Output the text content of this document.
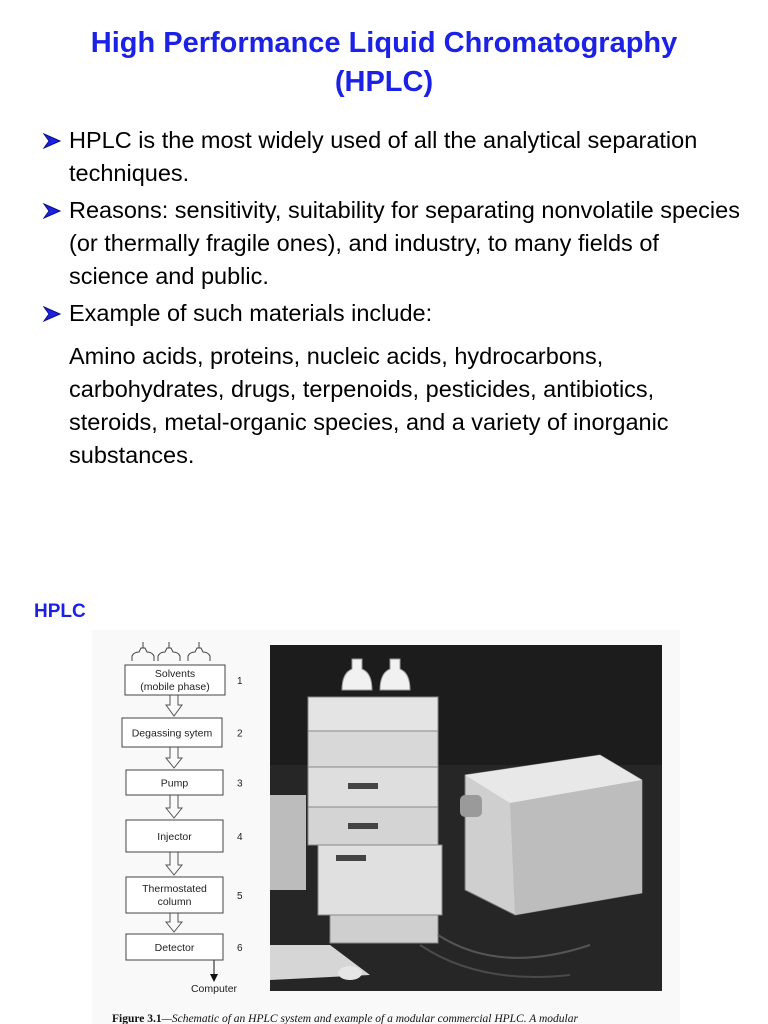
High Performance Liquid Chromatography
(HPLC)
HPLC is the most widely used of all the analytical separation techniques.
Reasons: sensitivity, suitability for separating nonvolatile species (or thermally fragile ones), and industry, to many fields of science and public.
Example of such materials include:
Amino acids, proteins, nucleic acids, hydrocarbons, carbohydrates, drugs, terpenoids, pesticides, antibiotics, steroids, metal-organic species, and a variety of inorganic substances.
HPLC
Solvents
(mobile phase)	1
Degassing sytem 2
Pump	3
Injector	4
Thermostated
column	5
Detector	6
Computer
Figure 3.1—Schematic of an HPLC system and example of a modular commercial HPLC. A modular
